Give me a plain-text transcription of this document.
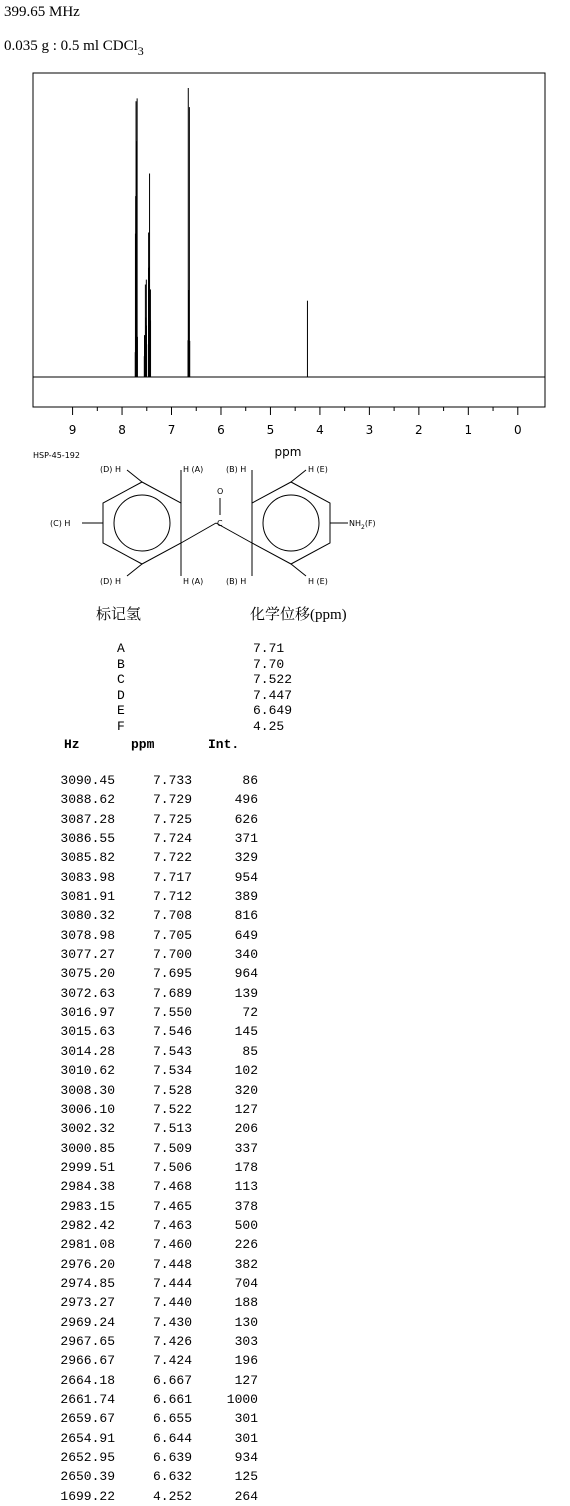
399.65 MHz
0.035 g : 0.5 ml CDCl$_3$
9	8	7	6	5	4	3	2	1	0
ppm
HSP-45-192
(D) H	H (A)	(B) H	H (E)
(C) H
O
C	$NH_2(F)$
(D) H	H (A)	(B) H	H (E)
标记氢	化学位移(ppm)
A	7.71
B	7.70
C	7.522
D	7.447
E	6.649
F	4.25
Hz	ppm	Int.
3090.45	7.733	86
3088.62	7.729	496
3087.28	7.725	626
3086.55	7.724	371
3085.82	7.722	329
3083.98	7.717	954
3081.91	7.712	389
3080.32	7.708	816
3078.98	7.705	649
3077.27	7.700	340
3075.20	7.695	964
3072.63	7.689	139
3016.97	7.550	72
3015.63	7.546	145
3014.28	7.543	85
3010.62	7.534	102
3008.30	7.528	320
3006.10	7.522	127
3002.32	7.513	206
3000.85	7.509	337
2999.51	7.506	178
2984.38	7.468	113
2983.15	7.465	378
2982.42	7.463	500
2981.08	7.460	226
2976.20	7.448	382
2974.85	7.444	704
2973.27	7.440	188
2969.24	7.430	130
2967.65	7.426	303
2966.67	7.424	196
2664.18	6.667	127
2661.74	6.661	1000
2659.67	6.655	301
2654.91	6.644	301
2652.95	6.639	934
2650.39	6.632	125
1699.22	4.252	264
